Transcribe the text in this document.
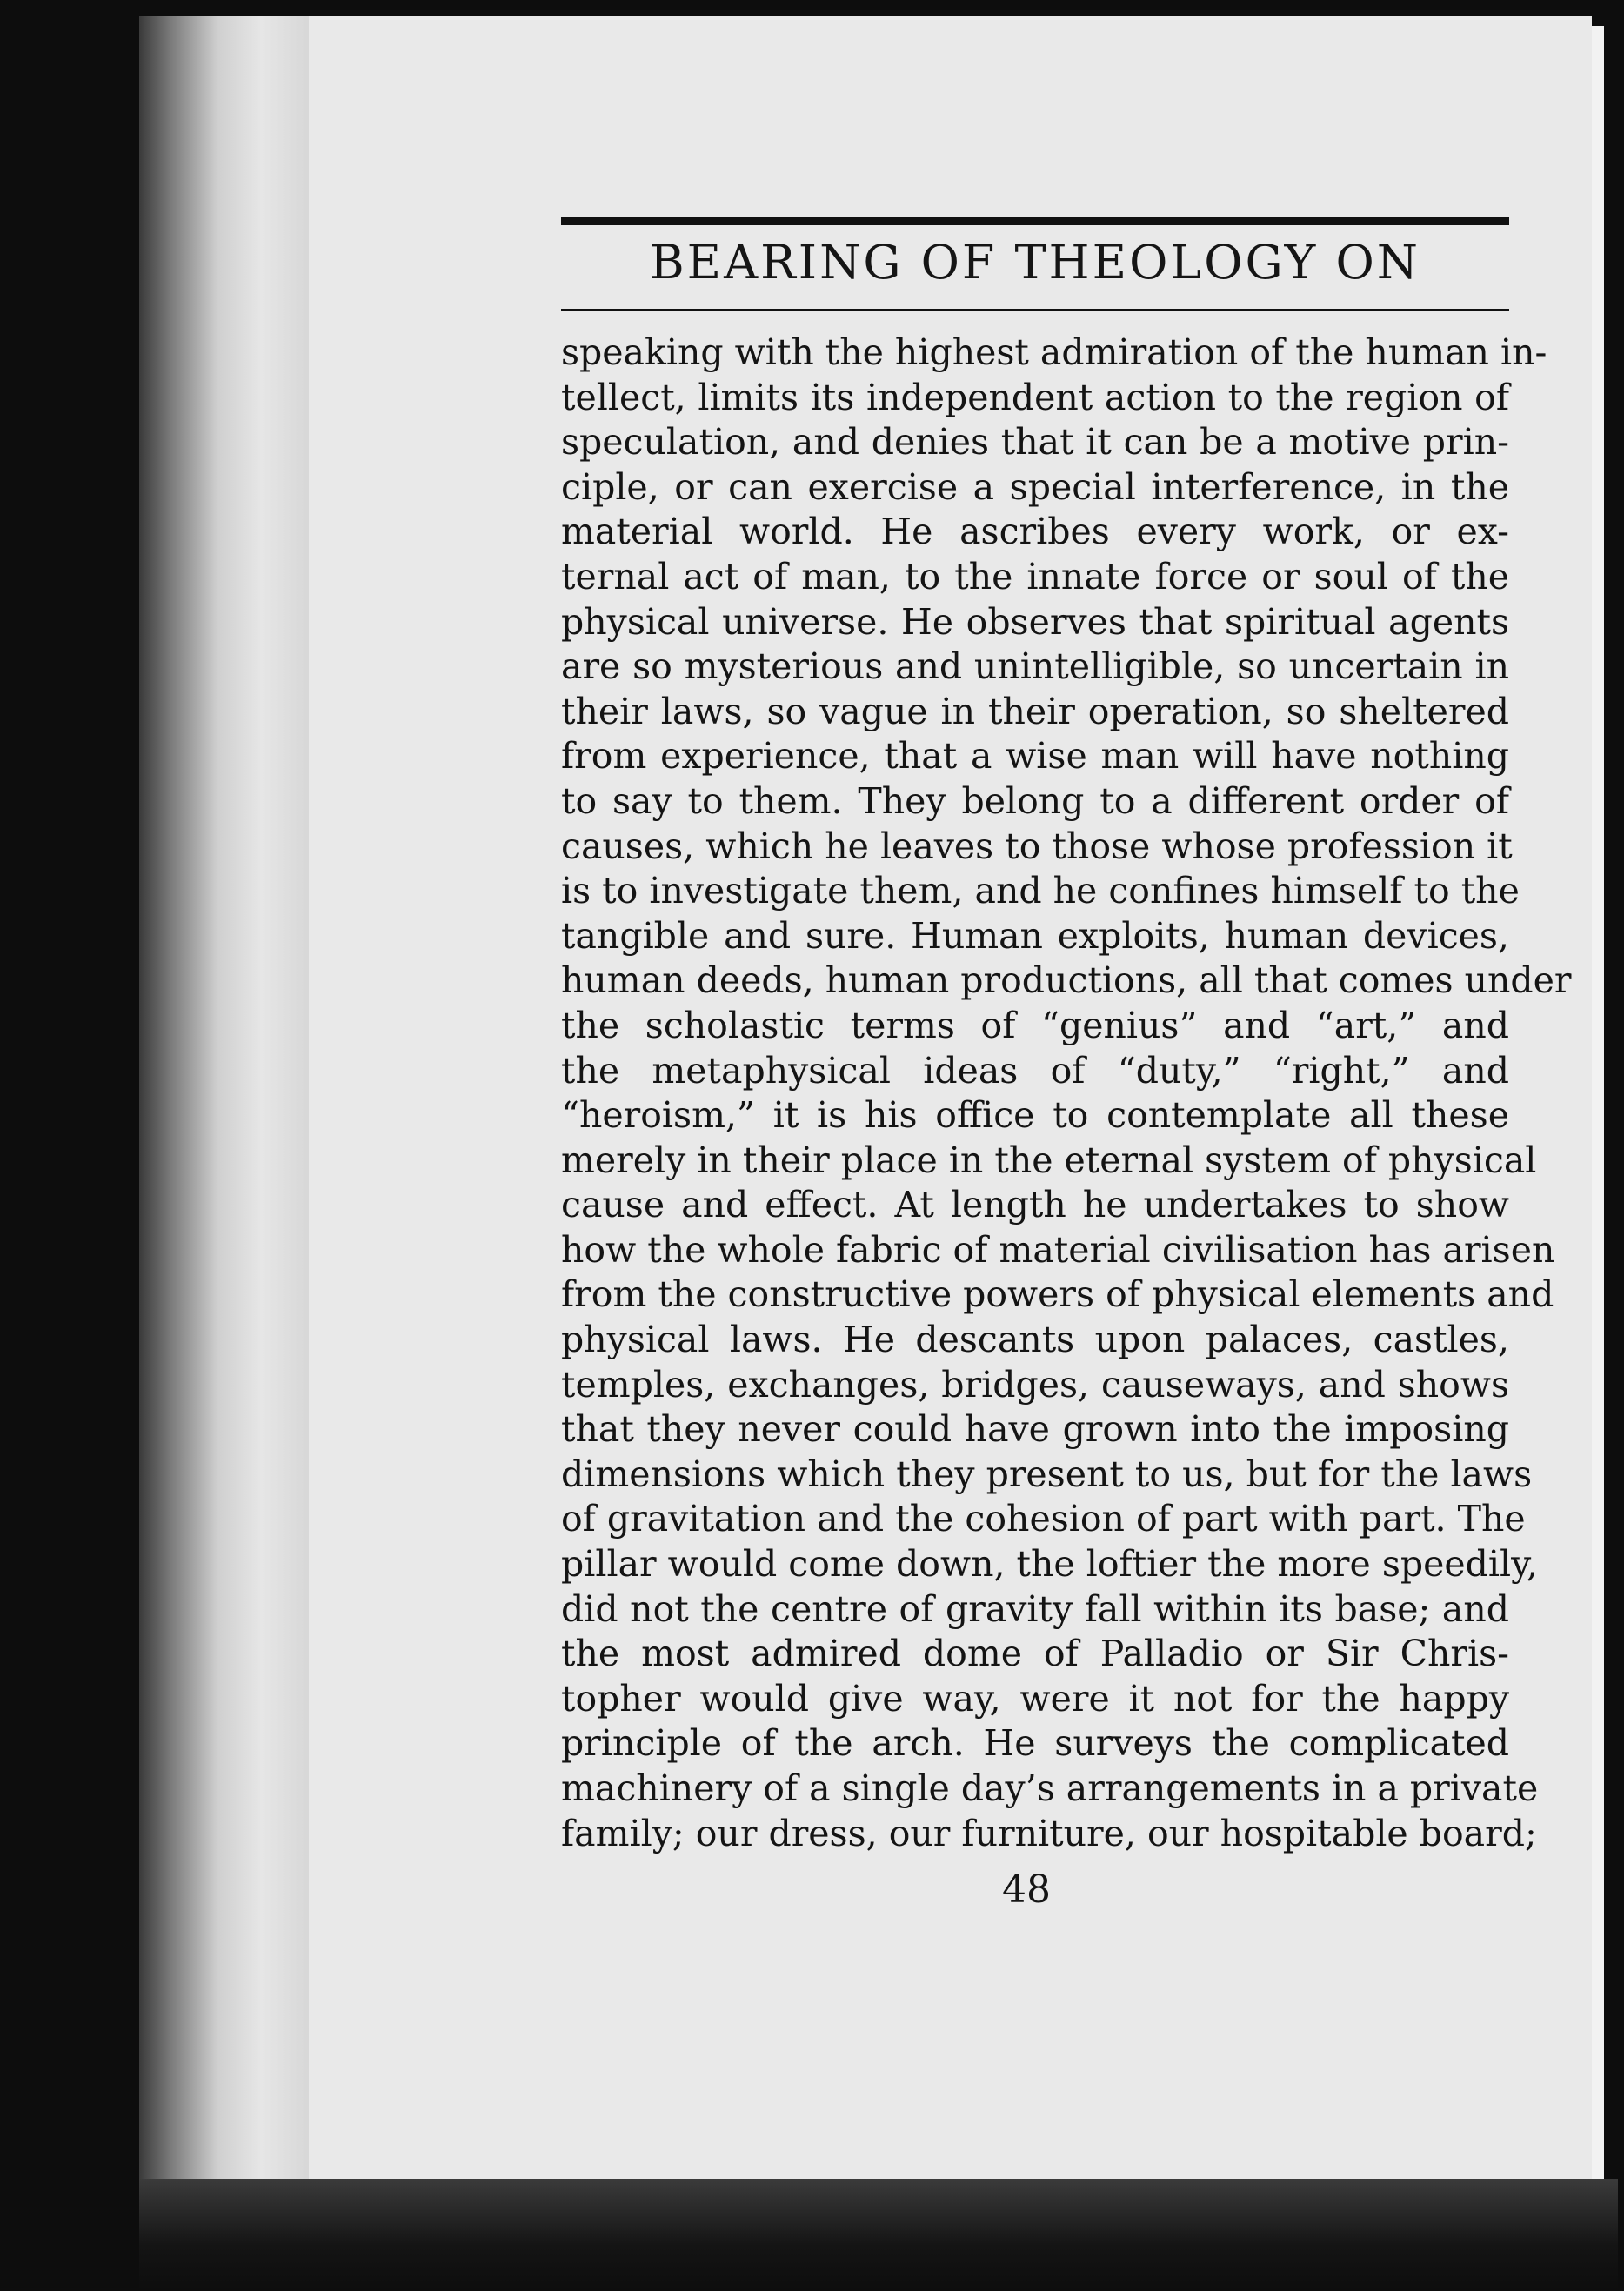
BEARING OF THEOLOGY ON
speaking with the highest admiration of the human in-
tellect, limits its independent action to the region of
speculation, and denies that it can be a motive prin-
ciple, or can exercise a special interference, in the
material world. He ascribes every work, or ex-
ternal act of man, to the innate force or soul of the
physical universe. He observes that spiritual agents
are so mysterious and unintelligible, so uncertain in
their laws, so vague in their operation, so sheltered
from experience, that a wise man will have nothing
to say to them. They belong to a different order of
causes, which he leaves to those whose profession it
is to investigate them, and he confines himself to the
tangible and sure. Human exploits, human devices,
human deeds, human productions, all that comes under
the scholastic terms of “genius” and “art,” and
the metaphysical ideas of “duty,” “right,” and
“heroism,” it is his office to contemplate all these
merely in their place in the eternal system of physical
cause and effect. At length he undertakes to show
how the whole fabric of material civilisation has arisen
from the constructive powers of physical elements and
physical laws. He descants upon palaces, castles,
temples, exchanges, bridges, causeways, and shows
that they never could have grown into the imposing
dimensions which they present to us, but for the laws
of gravitation and the cohesion of part with part. The
pillar would come down, the loftier the more speedily,
did not the centre of gravity fall within its base; and
the most admired dome of Palladio or Sir Chris-
topher would give way, were it not for the happy
principle of the arch. He surveys the complicated
machinery of a single day’s arrangements in a private
family; our dress, our furniture, our hospitable board;
48
